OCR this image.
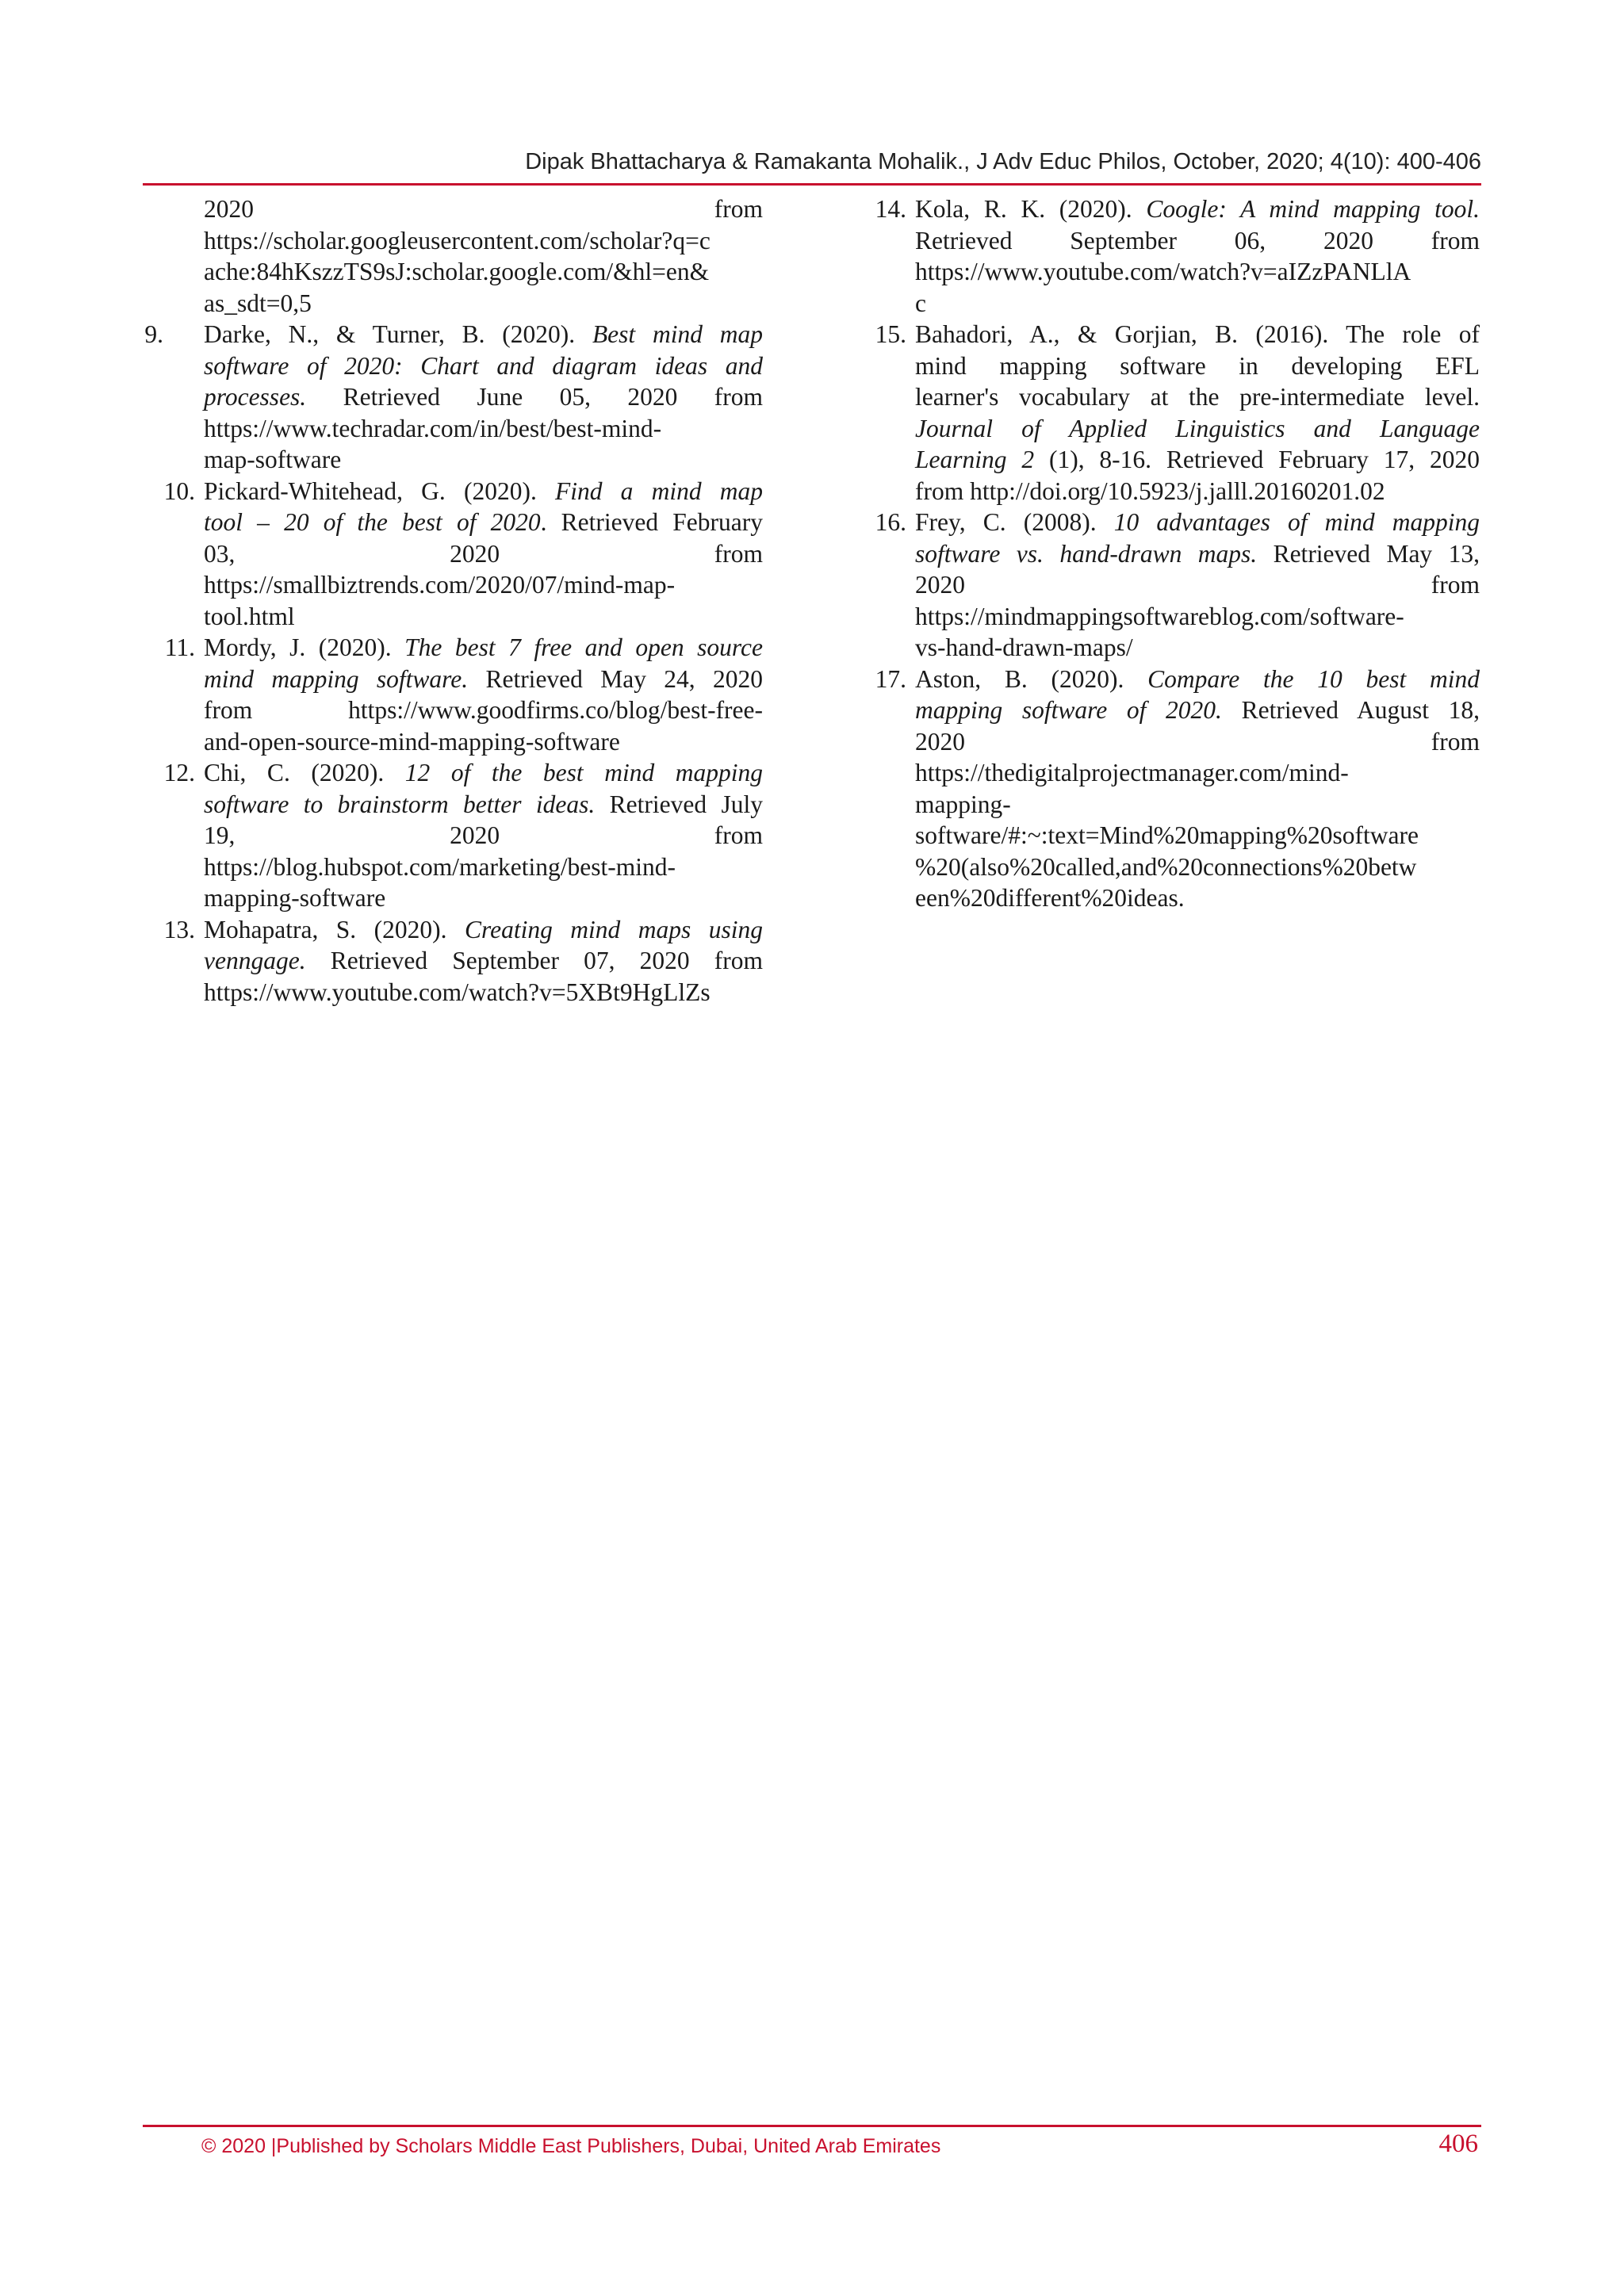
Dipak Bhattacharya & Ramakanta Mohalik., J Adv Educ Philos, October, 2020; 4(10): 400-406
2020 from
https://scholar.googleusercontent.com/scholar?q=c
ache:84hKszzTS9sJ:scholar.google.com/&hl=en&
as_sdt=0,5
9. Darke, N., & Turner, B. (2020). Best mind map
software of 2020: Chart and diagram ideas and
processes. Retrieved June 05, 2020 from
https://www.techradar.com/in/best/best-mind-
map-software
10. Pickard-Whitehead, G. (2020). Find a mind map
tool – 20 of the best of 2020. Retrieved February
03, 2020 from
https://smallbiztrends.com/2020/07/mind-map-
tool.html
11. Mordy, J. (2020). The best 7 free and open source
mind mapping software. Retrieved May 24, 2020
from https://www.goodfirms.co/blog/best-free-
and-open-source-mind-mapping-software
12. Chi, C. (2020). 12 of the best mind mapping
software to brainstorm better ideas. Retrieved July
19, 2020 from
https://blog.hubspot.com/marketing/best-mind-
mapping-software
13. Mohapatra, S. (2020). Creating mind maps using
venngage. Retrieved September 07, 2020 from
https://www.youtube.com/watch?v=5XBt9HgLlZs
14. Kola, R. K. (2020). Coogle: A mind mapping tool.
Retrieved September 06, 2020 from
https://www.youtube.com/watch?v=aIZzPANLlA
c
15. Bahadori, A., & Gorjian, B. (2016). The role of
mind mapping software in developing EFL
learner's vocabulary at the pre-intermediate level.
Journal of Applied Linguistics and Language
Learning 2 (1), 8-16. Retrieved February 17, 2020
from http://doi.org/10.5923/j.jalll.20160201.02
16. Frey, C. (2008). 10 advantages of mind mapping
software vs. hand-drawn maps. Retrieved May 13,
2020 from
https://mindmappingsoftwareblog.com/software-
vs-hand-drawn-maps/
17. Aston, B. (2020). Compare the 10 best mind
mapping software of 2020. Retrieved August 18,
2020 from
https://thedigitalprojectmanager.com/mind-
mapping-
software/#:~:text=Mind%20mapping%20software
%20(also%20called,and%20connections%20betw
een%20different%20ideas.
© 2020 |Published by Scholars Middle East Publishers, Dubai, United Arab Emirates	406
